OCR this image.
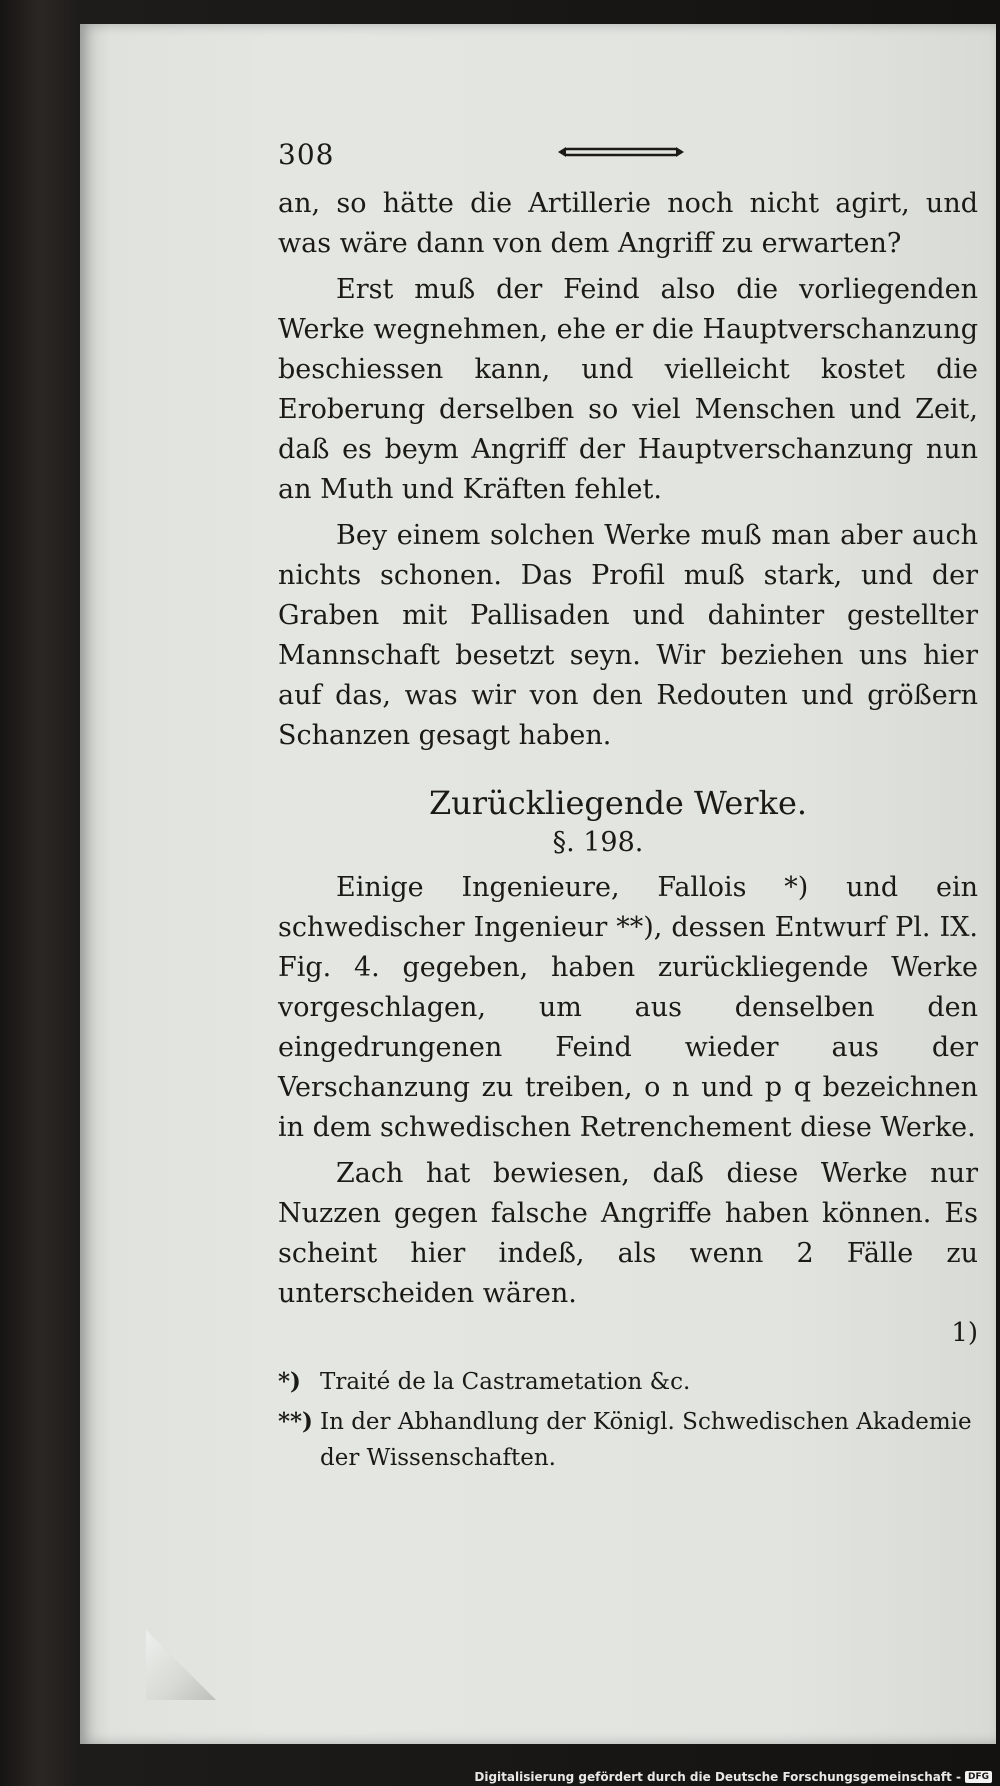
308

an, so hätte die Artillerie noch nicht agirt, und was wäre dann von dem Angriff zu erwarten?

Erst muß der Feind also die vorliegenden Werke wegnehmen, ehe er die Hauptverschanzung beschiessen kann, und vielleicht kostet die Eroberung derselben so viel Menschen und Zeit, daß es beym Angriff der Hauptverschanzung nun an Muth und Kräften fehlet.

Bey einem solchen Werke muß man aber auch nichts schonen. Das Profil muß stark, und der Graben mit Pallisaden und dahinter gestellter Mannschaft besetzt seyn. Wir beziehen uns hier auf das, was wir von den Redouten und größern Schanzen gesagt haben.

Zurückliegende Werke.
§. 198.

Einige Ingenieure, Fallois *) und ein schwedischer Ingenieur **), dessen Entwurf Pl. IX. Fig. 4. gegeben, haben zurückliegende Werke vorgeschlagen, um aus denselben den eingedrungenen Feind wieder aus der Verschanzung zu treiben, o n und p q bezeichnen in dem schwedischen Retrenchement diese Werke.

Zach hat bewiesen, daß diese Werke nur Nuzzen gegen falsche Angriffe haben können. Es scheint hier indeß, als wenn 2 Fälle zu unterscheiden wären.

1)
*) Traité de la Castrametation &c.
**) In der Abhandlung der Königl. Schwedischen Akademie der Wissenschaften.
Digitalisierung gefördert durch die Deutsche Forschungsgemeinschaft - DFG
